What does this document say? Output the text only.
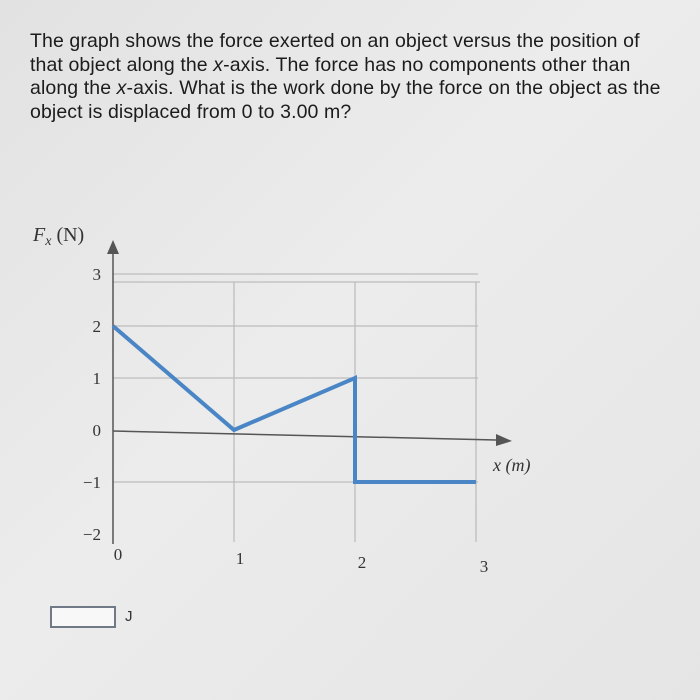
The graph shows the force exerted on an object versus the position of that object along the x-axis. The force has no components other than along the x-axis. What is the work done by the force on the object as the object is displaced from 0 to 3.00 m?

3
2
1
0
−1
−2
0	1	2	3
$F_x$ (N)
x (m)
J
